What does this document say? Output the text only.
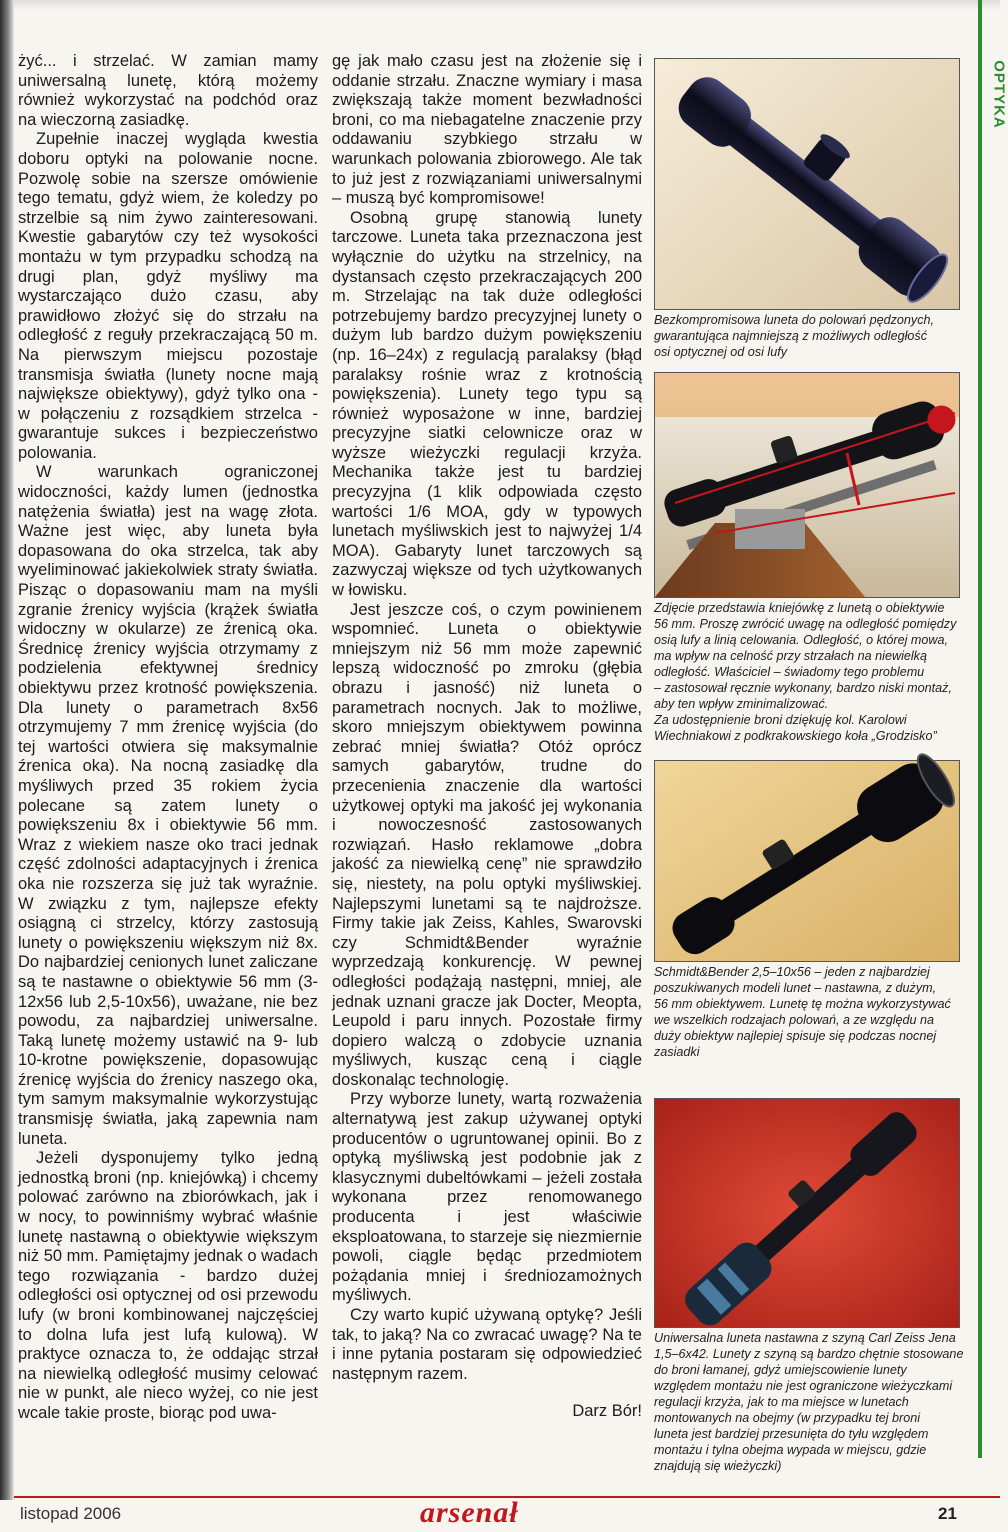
żyć... i strzelać. W zamian mamy uniwersalną lunetę, którą możemy również wykorzystać na podchód oraz na wieczorną zasiadkę.

Zupełnie inaczej wygląda kwestia doboru optyki na polowanie nocne. Pozwolę sobie na szersze omówienie tego tematu, gdyż wiem, że koledzy po strzelbie są nim żywo zainteresowani. Kwestie gabarytów czy też wysokości montażu w tym przypadku schodzą na drugi plan, gdyż myśliwy ma wystarczająco dużo czasu, aby prawidłowo złożyć się do strzału na odległość z reguły przekraczającą 50 m. Na pierwszym miejscu pozostaje transmisja światła (lunety nocne mają największe obiektywy), gdyż tylko ona - w połączeniu z rozsądkiem strzelca - gwarantuje sukces i bezpieczeństwo polowania.

W warunkach ograniczonej widoczności, każdy lumen (jednostka natężenia światła) jest na wagę złota. Ważne jest więc, aby luneta była dopasowana do oka strzelca, tak aby wyeliminować jakiekolwiek straty światła. Pisząc o dopasowaniu mam na myśli zgranie źrenicy wyjścia (krążek światła widoczny w okularze) ze źrenicą oka. Średnicę źrenicy wyjścia otrzymamy z podzielenia efektywnej średnicy obiektywu przez krotność powiększenia. Dla lunety o parametrach 8x56 otrzymujemy 7 mm źrenicę wyjścia (do tej wartości otwiera się maksymalnie źrenica oka). Na nocną zasiadkę dla myśliwych przed 35 rokiem życia polecane są zatem lunety o powiększeniu 8x i obiektywie 56 mm. Wraz z wiekiem nasze oko traci jednak część zdolności adaptacyjnych i źrenica oka nie rozszerza się już tak wyraźnie. W związku z tym, najlepsze efekty osiągną ci strzelcy, którzy zastosują lunety o powiększeniu większym niż 8x. Do najbardziej cenionych lunet zaliczane są te nastawne o obiektywie 56 mm (3-12x56 lub 2,5-10x56), uważane, nie bez powodu, za najbardziej uniwersalne. Taką lunetę możemy ustawić na 9- lub 10-krotne powiększenie, dopasowując źrenicę wyjścia do źrenicy naszego oka, tym samym maksymalnie wykorzystując transmisję światła, jaką zapewnia nam luneta.

Jeżeli dysponujemy tylko jedną jednostką broni (np. kniejówką) i chcemy polować zarówno na zbiorówkach, jak i w nocy, to powinniśmy wybrać właśnie lunetę nastawną o obiektywie większym niż 50 mm. Pamiętajmy jednak o wadach tego rozwiązania - bardzo dużej odległości osi optycznej od osi przewodu lufy (w broni kombinowanej najczęściej to dolna lufa jest lufą kulową). W praktyce oznacza to, że oddając strzał na niewielką odległość musimy celować nie w punkt, ale nieco wyżej, co nie jest wcale takie proste, biorąc pod uwa-

gę jak mało czasu jest na złożenie się i oddanie strzału. Znaczne wymiary i masa zwiększają także moment bezwładności broni, co ma niebagatelne znaczenie przy oddawaniu szybkiego strzału w warunkach polowania zbiorowego. Ale tak to już jest z rozwiązaniami uniwersalnymi – muszą być kompromisowe!

Osobną grupę stanowią lunety tarczowe. Luneta taka przeznaczona jest wyłącznie do użytku na strzelnicy, na dystansach często przekraczających 200 m. Strzelając na tak duże odległości potrzebujemy bardzo precyzyjnej lunety o dużym lub bardzo dużym powiększeniu (np. 16–24x) z regulacją paralaksy (błąd paralaksy rośnie wraz z krotnością powiększenia). Lunety tego typu są również wyposażone w inne, bardziej precyzyjne siatki celownicze oraz w wyższe wieżyczki regulacji krzyża. Mechanika także jest tu bardziej precyzyjna (1 klik odpowiada często wartości 1/6 MOA, gdy w typowych lunetach myśliwskich jest to najwyżej 1/4 MOA). Gabaryty lunet tarczowych są zazwyczaj większe od tych użytkowanych w łowisku.

Jest jeszcze coś, o czym powinienem wspomnieć. Luneta o obiektywie mniejszym niż 56 mm może zapewnić lepszą widoczność po zmroku (głębia obrazu i jasność) niż luneta o parametrach nocnych. Jak to możliwe, skoro mniejszym obiektywem powinna zebrać mniej światła? Otóż oprócz samych gabarytów, trudne do przecenienia znaczenie dla wartości użytkowej optyki ma jakość jej wykonania i nowoczesność zastosowanych rozwiązań. Hasło reklamowe „dobra jakość za niewielką cenę” nie sprawdziło się, niestety, na polu optyki myśliwskiej. Najlepszymi lunetami są te najdroższe. Firmy takie jak Zeiss, Kahles, Swarovski czy Schmidt&Bender wyraźnie wyprzedzają konkurencję. W pewnej odległości podążają następni, mniej, ale jednak uznani gracze jak Docter, Meopta, Leupold i paru innych. Pozostałe firmy dopiero walczą o zdobycie uznania myśliwych, kusząc ceną i ciągle doskonaląc technologię.

Przy wyborze lunety, wartą rozważenia alternatywą jest zakup używanej optyki producentów o ugruntowanej opinii. Bo z optyką myśliwską jest podobnie jak z klasycznymi dubeltówkami – jeżeli została wykonana przez renomowanego producenta i jest właściwie eksploatowana, to starzeje się niezmiernie powoli, ciągle będąc przedmiotem pożądania mniej i średniozamożnych myśliwych.

Czy warto kupić używaną optykę? Jeśli tak, to jaką? Na co zwracać uwagę? Na te i inne pytania postaram się odpowiedzieć następnym razem.

Darz Bór!
Bezkompromisowa luneta do polowań pędzonych,
gwarantująca najmniejszą z możliwych odległość
osi optycznej od osi lufy
Zdjęcie przedstawia kniejówkę z lunetą o obiektywie
56 mm. Proszę zwrócić uwagę na odległość pomiędzy
osią lufy a linią celowania. Odległość, o której mowa,
ma wpływ na celność przy strzałach na niewielką
odległość. Właściciel – świadomy tego problemu
– zastosował ręcznie wykonany, bardzo niski montaż,
aby ten wpływ zminimalizować.
Za udostępnienie broni dziękuję kol. Karolowi
Wiechniakowi z podkrakowskiego koła „Grodzisko”
Schmidt&Bender 2,5–10x56 – jeden z najbardziej
poszukiwanych modeli lunet – nastawna, z dużym,
56 mm obiektywem. Lunetę tę można wykorzystywać
we wszelkich rodzajach polowań, a ze względu na
duży obiektyw najlepiej spisuje się podczas nocnej
zasiadki
Uniwersalna luneta nastawna z szyną Carl Zeiss Jena
1,5–6x42. Lunety z szyną są bardzo chętnie stosowane
do broni łamanej, gdyż umiejscowienie lunety
względem montażu nie jest ograniczone wieżyczkami
regulacji krzyża, jak to ma miejsce w lunetach
montowanych na obejmy (w przypadku tej broni
luneta jest bardziej przesunięta do tyłu względem
montażu i tylna obejma wypada w miejscu, gdzie
znajdują się wieżyczki)
OPTYKA
listopad 2006	arsenał	21
